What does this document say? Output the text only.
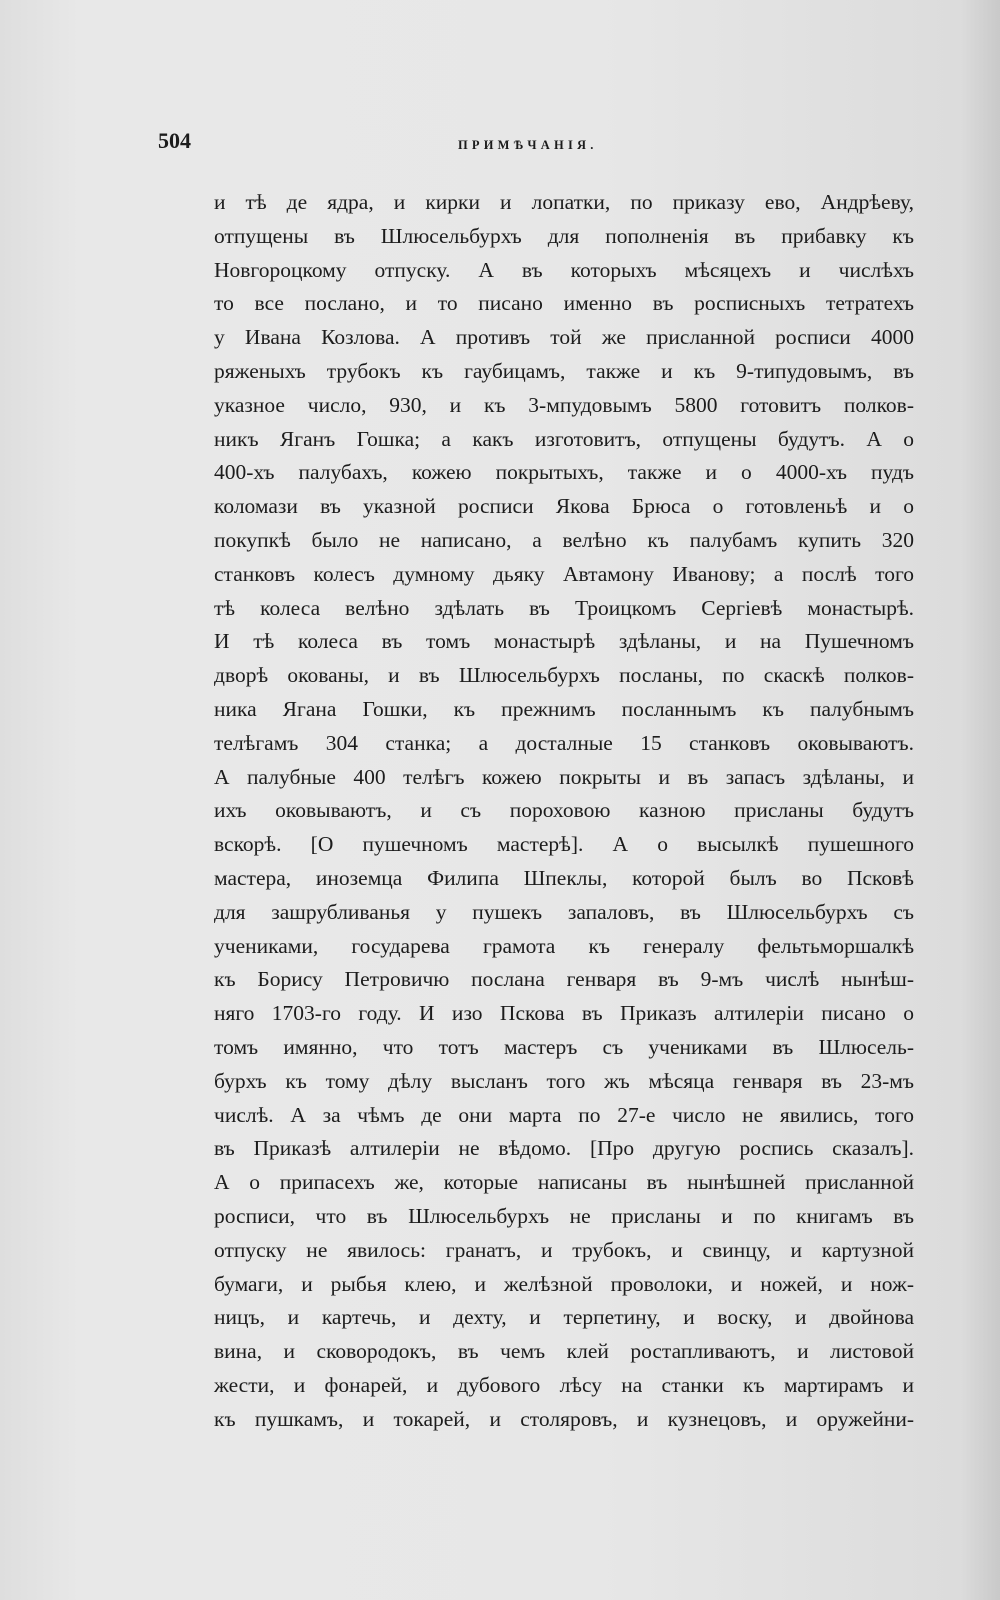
504	ПРИМѢЧАНІЯ.
и тѣ де ядра, и кирки и лопатки, по приказу ево, Андрѣеву,
отпущены въ Шлюсельбурхъ для пополненія въ прибавку къ
Новгороцкому отпуску. А въ которыхъ мѣсяцехъ и числѣхъ
то все послано, и то писано именно въ росписныхъ тетратехъ
у Ивана Козлова. А противъ той же присланной росписи 4000
ряженыхъ трубокъ къ гаубицамъ, также и къ 9-типудовымъ, въ
указное число, 930, и къ 3-мпудовымъ 5800 готовитъ полков-
никъ Яганъ Гошка; а какъ изготовитъ, отпущены будутъ. А о
400-хъ палубахъ, кожею покрытыхъ, также и о 4000-хъ пудъ
коломази въ указной росписи Якова Брюса о готовленьѣ и о
покупкѣ было не написано, а велѣно къ палубамъ купить 320
станковъ колесъ думному дьяку Автамону Иванову; а послѣ того
тѣ колеса велѣно здѣлать въ Троицкомъ Сергіевѣ монастырѣ.
И тѣ колеса въ томъ монастырѣ здѣланы, и на Пушечномъ
дворѣ окованы, и въ Шлюсельбурхъ посланы, по скаскѣ полков-
ника Ягана Гошки, къ прежнимъ посланнымъ къ палубнымъ
телѣгамъ 304 станка; а досталные 15 станковъ оковываютъ.
А палубные 400 телѣгъ кожею покрыты и въ запасъ здѣланы, и
ихъ оковываютъ, и съ пороховою казною присланы будутъ
вскорѣ. [О пушечномъ мастерѣ]. А о высылкѣ пушешного
мастера, иноземца Филипа Шпеклы, которой былъ во Псковѣ
для зашрубливанья у пушекъ запаловъ, въ Шлюсельбурхъ съ
учениками, государева грамота къ генералу фельтьморшалкѣ
къ Борису Петровичю послана генваря въ 9-мъ числѣ нынѣш-
няго 1703-го году. И изо Пскова въ Приказъ алтилеріи писано о
томъ имянно, что тотъ мастеръ съ учениками въ Шлюсель-
бурхъ къ тому дѣлу высланъ того жъ мѣсяца генваря въ 23-мъ
числѣ. А за чѣмъ де они марта по 27-е число не явились, того
въ Приказѣ алтилеріи не вѣдомо. [Про другую роспись сказалъ].
А о припасехъ же, которые написаны въ нынѣшней присланной
росписи, что въ Шлюсельбурхъ не присланы и по книгамъ въ
отпуску не явилось: гранатъ, и трубокъ, и свинцу, и картузной
бумаги, и рыбья клею, и желѣзной проволоки, и ножей, и нож-
ницъ, и картечь, и дехту, и терпетину, и воску, и двойнова
вина, и сковородокъ, въ чемъ клей ростапливаютъ, и листовой
жести, и фонарей, и дубового лѣсу на станки къ мартирамъ и
къ пушкамъ, и токарей, и столяровъ, и кузнецовъ, и оружейни-
